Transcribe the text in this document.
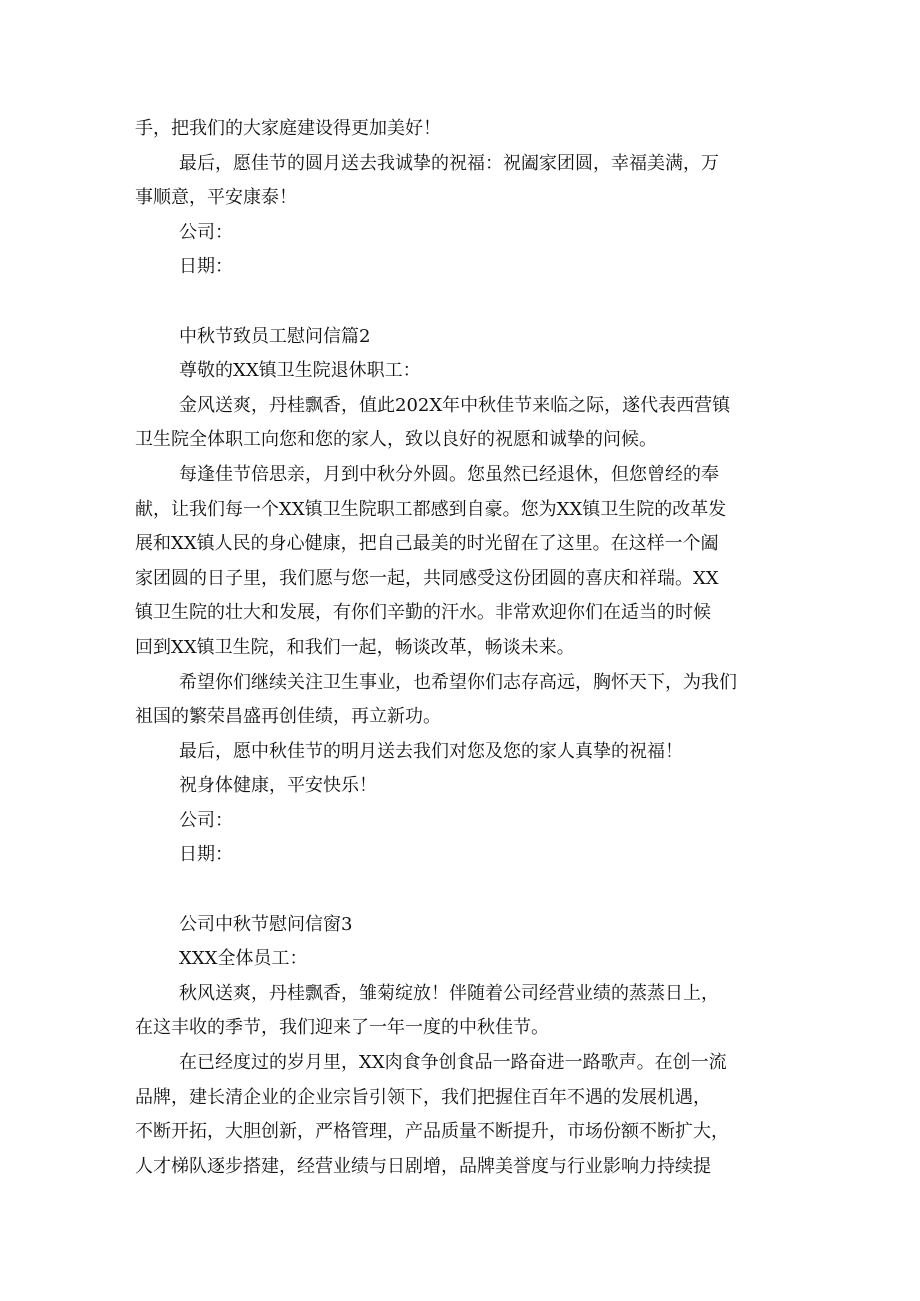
手，把我们的大家庭建设得更加美好！
最后，愿佳节的圆月送去我诚挚的祝福：祝阖家团圆，幸福美满，万
事顺意，平安康泰！
公司：
日期：
中秋节致员工慰问信篇2
尊敬的XX镇卫生院退休职工：
金风送爽，丹桂飘香，值此202X年中秋佳节来临之际，遂代表西营镇
卫生院全体职工向您和您的家人，致以良好的祝愿和诚挚的问候。
每逢佳节倍思亲，月到中秋分外圆。您虽然已经退休，但您曾经的奉
献，让我们每一个XX镇卫生院职工都感到自豪。您为XX镇卫生院的改革发
展和XX镇人民的身心健康，把自己最美的时光留在了这里。在这样一个阖
家团圆的日子里，我们愿与您一起，共同感受这份团圆的喜庆和祥瑞。XX
镇卫生院的壮大和发展，有你们辛勤的汗水。非常欢迎你们在适当的时候
回到XX镇卫生院，和我们一起，畅谈改革，畅谈未来。
希望你们继续关注卫生事业，也希望你们志存高远，胸怀天下，为我们
祖国的繁荣昌盛再创佳绩，再立新功。
最后，愿中秋佳节的明月送去我们对您及您的家人真挚的祝福！
祝身体健康，平安快乐！
公司：
日期：
公司中秋节慰问信窗3
XXX全体员工：
秋风送爽，丹桂飘香，雏菊绽放！伴随着公司经营业绩的蒸蒸日上，
在这丰收的季节，我们迎来了一年一度的中秋佳节。
在已经度过的岁月里，XX肉食争创食品一路奋进一路歌声。在创一流
品牌，建长清企业的企业宗旨引领下，我们把握住百年不遇的发展机遇，
不断开拓，大胆创新，严格管理，产品质量不断提升，市场份额不断扩大，
人才梯队逐步搭建，经营业绩与日剧增，品牌美誉度与行业影响力持续提
